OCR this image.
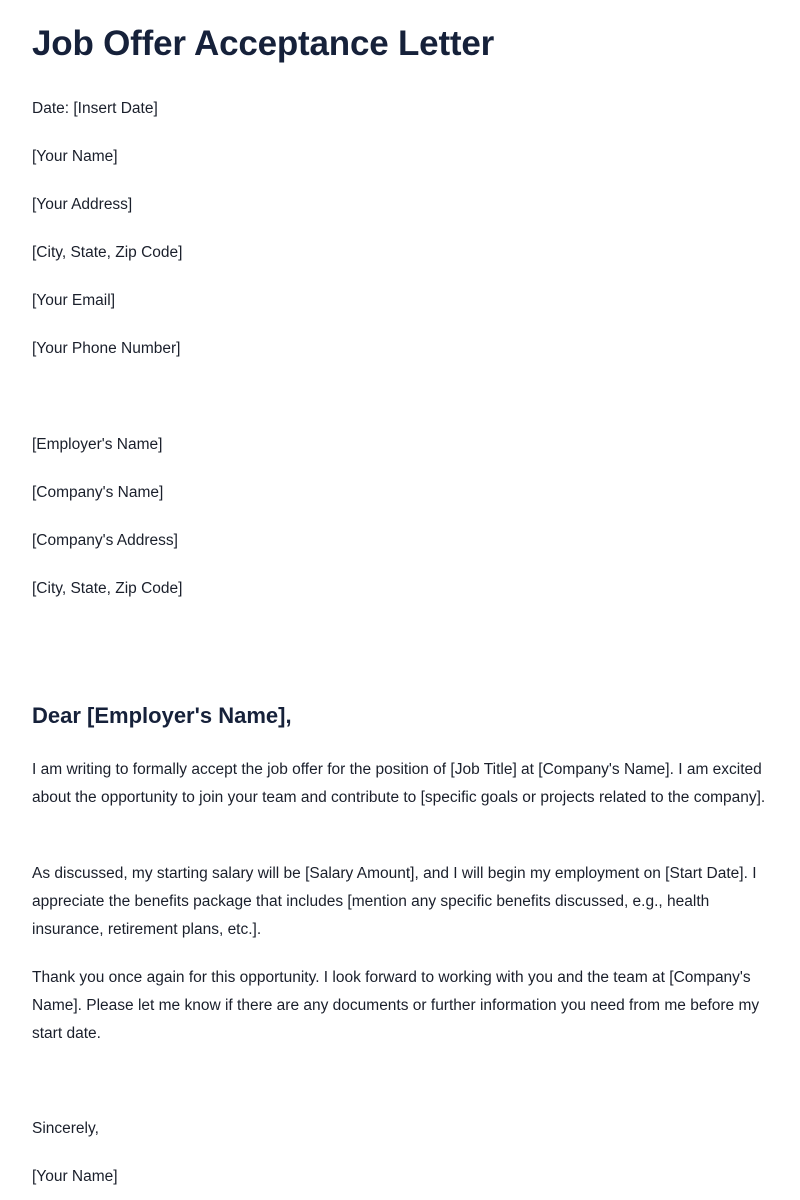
Job Offer Acceptance Letter

Date: [Insert Date]

[Your Name]

[Your Address]

[City, State, Zip Code]

[Your Email]

[Your Phone Number]

[Employer's Name]

[Company's Name]

[Company's Address]

[City, State, Zip Code]

Dear [Employer's Name],

I am writing to formally accept the job offer for the position of [Job Title] at [Company's Name]. I am excited about the opportunity to join your team and contribute to [specific goals or projects related to the company].

As discussed, my starting salary will be [Salary Amount], and I will begin my employment on [Start Date]. I appreciate the benefits package that includes [mention any specific benefits discussed, e.g., health insurance, retirement plans, etc.].

Thank you once again for this opportunity. I look forward to working with you and the team at [Company's Name]. Please let me know if there are any documents or further information you need from me before my start date.

Sincerely,

[Your Name]
